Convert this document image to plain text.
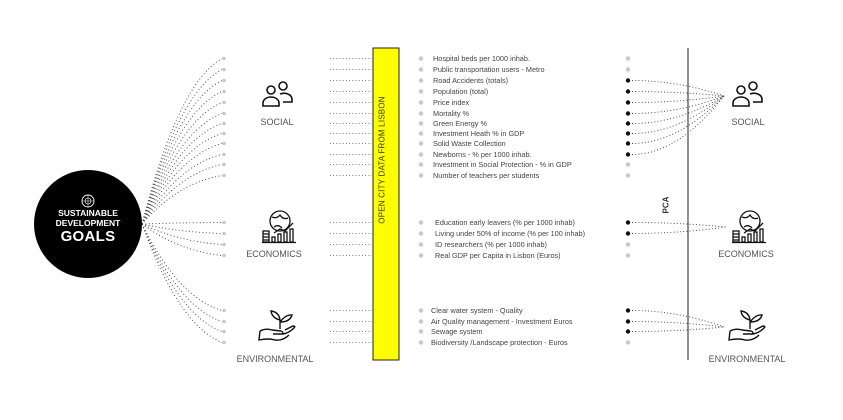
SUSTAINABLE
DEVELOPMENT
GOALS
SOCIAL
ECONOMICS
ENVIRONMENTAL
SOCIAL
ECONOMICS
ENVIRONMENTAL
OPEN CITY DATA FROM LISBON	PCA
Hospital beds per 1000 inhab.
Public transportation users - Metro
Road Accidents (totals)
Population (total)
Price index
Mortality %
Green Energy %
Investment Heath % in GDP
Solid Waste Collection
Newborns - % per 1000 inhab.
Investment in Social Protection - % in GDP
Number of teachers per students
Education early leavers (% per 1000 inhab)
Living under 50% of income (% per 100 inhab)
ID researchers (% per 1000 inhab)
Real GDP per Capita in Lisbon (Euros)
Clear water system - Quality
Air Quality management - Investment Euros
Sewage system
Biodiversity /Landscape protection - Euros
